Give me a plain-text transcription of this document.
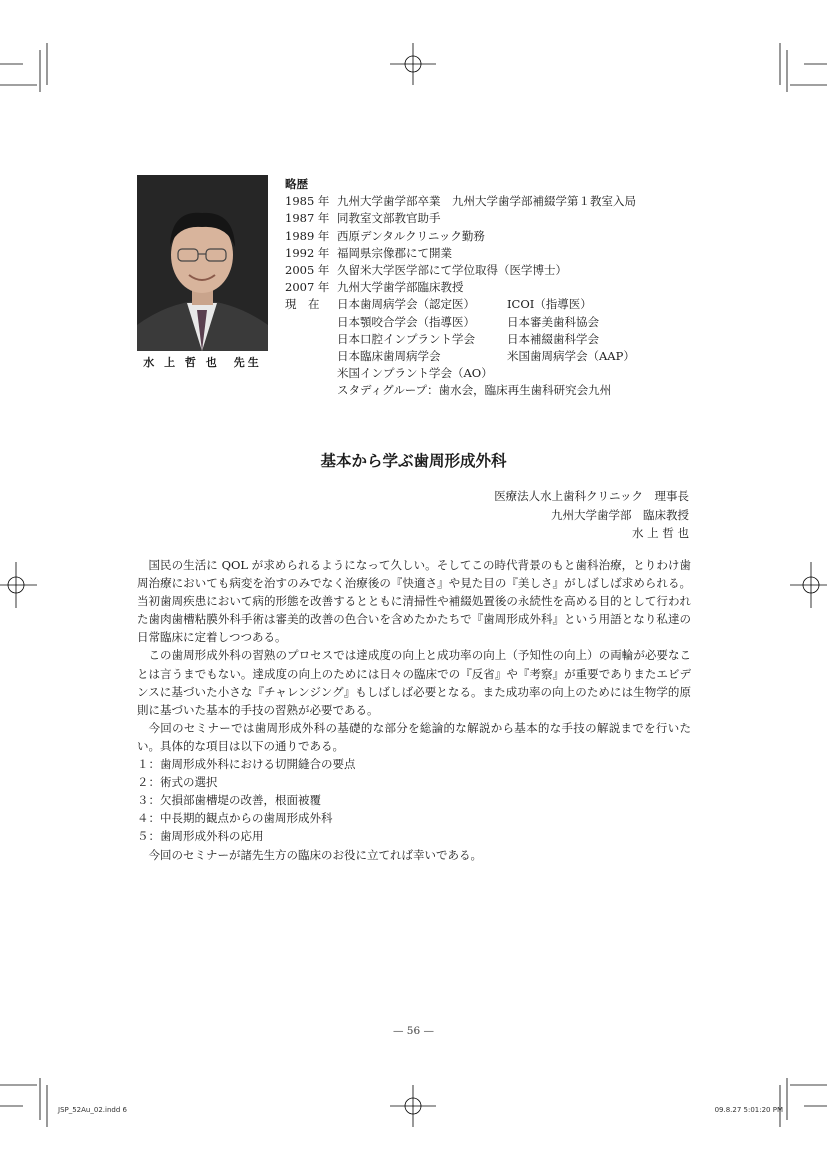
水 上 哲 也　先生
略歴
1985 年 九州大学歯学部卒業　九州大学歯学部補綴学第１教室入局
1987 年 同教室文部教官助手
1989 年 西原デンタルクリニック勤務
1992 年 福岡県宗像郡にて開業
2005 年 久留米大学医学部にて学位取得（医学博士）
2007 年 九州大学歯学部臨床教授
現　在	日本歯周病学会（認定医）	ICOI（指導医）
日本顎咬合学会（指導医）	日本審美歯科協会
日本口腔インプラント学会	日本補綴歯科学会
日本臨床歯周病学会	米国歯周病学会（AAP）
米国インプラント学会（AO）
スタディグループ：歯水会，臨床再生歯科研究会九州
基本から学ぶ歯周形成外科
医療法人水上歯科クリニック　理事長
九州大学歯学部　臨床教授
水 上 哲 也

国民の生活に QOL が求められるようになって久しい。そしてこの時代背景のもと歯科治療，とりわけ歯周治療においても病変を治すのみでなく治療後の『快適さ』や見た目の『美しさ』がしばしば求められる。当初歯周疾患において病的形態を改善するとともに清掃性や補綴処置後の永続性を高める目的として行われた歯肉歯槽粘膜外科手術は審美的改善の色合いを含めたかたちで『歯周形成外科』という用語となり私達の日常臨床に定着しつつある。

この歯周形成外科の習熟のプロセスでは達成度の向上と成功率の向上（予知性の向上）の両輪が必要なことは言うまでもない。達成度の向上のためには日々の臨床での『反省』や『考察』が重要でありまたエビデンスに基づいた小さな『チャレンジング』もしばしば必要となる。また成功率の向上のためには生物学的原則に基づいた基本的手技の習熟が必要である。

今回のセミナーでは歯周形成外科の基礎的な部分を総論的な解説から基本的な手技の解説までを行いたい。具体的な項目は以下の通りである。

１：歯周形成外科における切開縫合の要点

２：術式の選択

３：欠損部歯槽堤の改善，根面被覆

４：中長期的観点からの歯周形成外科

５：歯周形成外科の応用

今回のセミナーが諸先生方の臨床のお役に立てれば幸いである。

— 56 —
JSP_52Au_02.indd 6	09.8.27 5:01:20 PM
